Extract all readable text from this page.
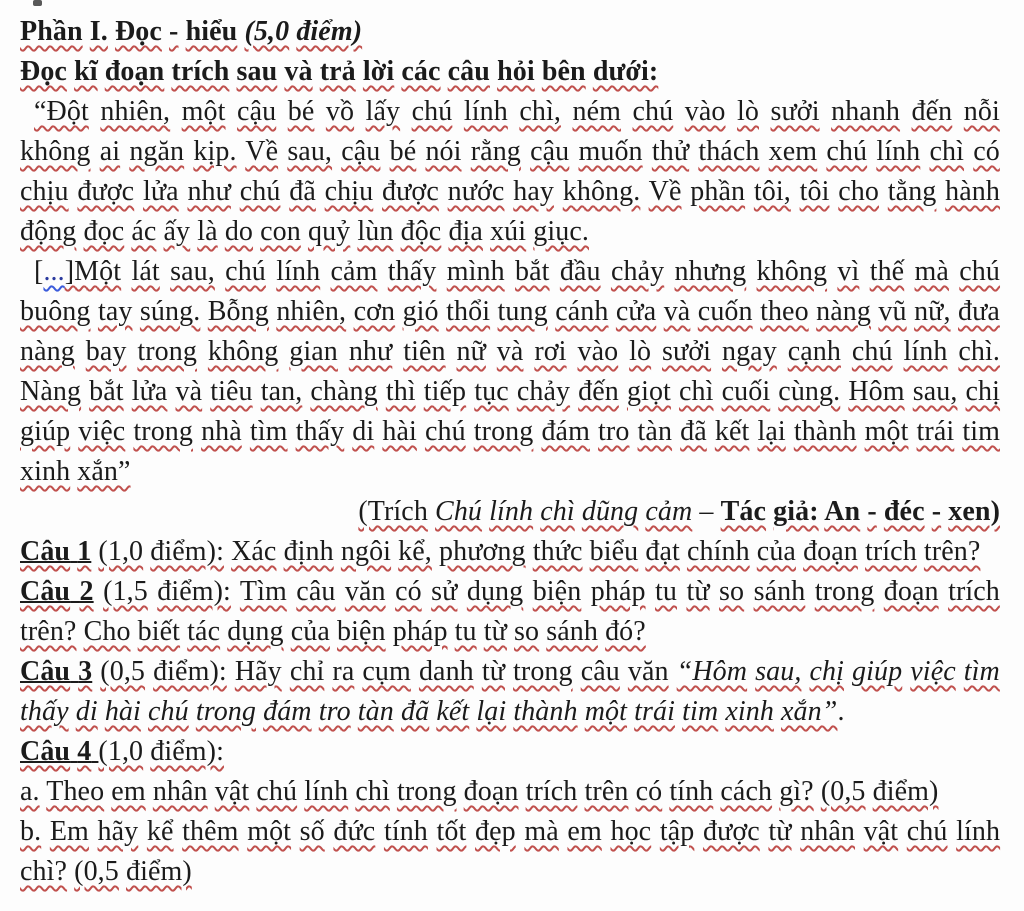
Phần I. Đọc - hiểu (5,0 điểm)
Đọc kĩ đoạn trích sau và trả lời các câu hỏi bên dưới:
“Đột nhiên, một cậu bé vồ lấy chú lính chì, ném chú vào lò sưởi nhanh đến nỗi không ai ngăn kịp. Về sau, cậu bé nói rằng cậu muốn thử thách xem chú lính chì có chịu được lửa như chú đã chịu được nước hay không. Về phần tôi, tôi cho tằng hành động đọc ác ấy là do con quỷ lùn độc địa xúi giục.
[...]Một lát sau, chú lính cảm thấy mình bắt đầu chảy nhưng không vì thế mà chú buông tay súng. Bỗng nhiên, cơn gió thổi tung cánh cửa và cuốn theo nàng vũ nữ, đưa nàng bay trong không gian như tiên nữ và rơi vào lò sưởi ngay cạnh chú lính chì. Nàng bắt lửa và tiêu tan, chàng thì tiếp tục chảy đến giọt chì cuối cùng. Hôm sau, chị giúp việc trong nhà tìm thấy di hài chú trong đám tro tàn đã kết lại thành một trái tim xinh xắn”
(Trích Chú lính chì dũng cảm – Tác giả: An - đéc - xen)
Câu 1 (1,0 điểm): Xác định ngôi kể, phương thức biểu đạt chính của đoạn trích trên?
Câu 2 (1,5 điểm): Tìm câu văn có sử dụng biện pháp tu từ so sánh trong đoạn trích trên? Cho biết tác dụng của biện pháp tu từ so sánh đó?
Câu 3 (0,5 điểm): Hãy chỉ ra cụm danh từ trong câu văn “Hôm sau, chị giúp việc tìm thấy di hài chú trong đám tro tàn đã kết lại thành một trái tim xinh xắn”.
Câu 4 (1,0 điểm):
a. Theo em nhân vật chú lính chì trong đoạn trích trên có tính cách gì? (0,5 điểm)
b. Em hãy kể thêm một số đức tính tốt đẹp mà em học tập được từ nhân vật chú lính chì? (0,5 điểm)
